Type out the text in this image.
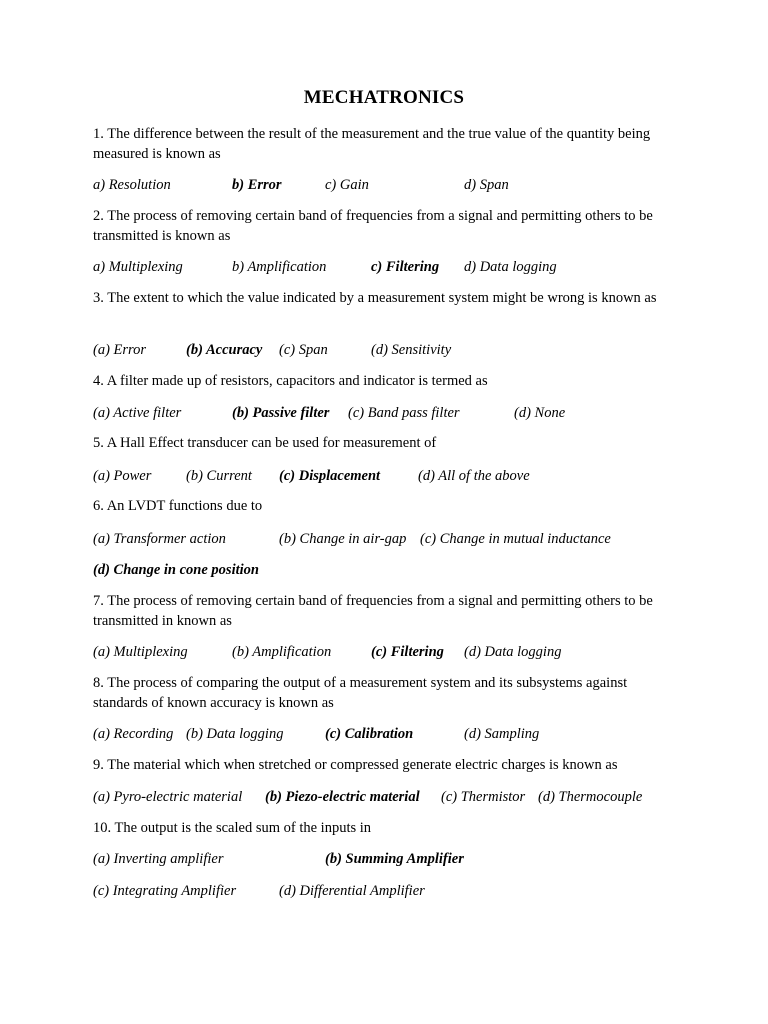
MECHATRONICS
1. The difference between the result of the measurement and the true value of the quantity being measured is known as
a) Resolution	b) Error	c) Gain	d) Span
2. The process of removing certain band of frequencies from a signal and permitting others to be transmitted is known as
a) Multiplexing	b) Amplification	c) Filtering d) Data logging
3. The extent to which the value indicated by a measurement system might be wrong is known as
(a) Error	(b) Accuracy (c) Span	(d) Sensitivity
4. A filter made up of resistors, capacitors and indicator is termed as
(a) Active filter	(b) Passive filter (c) Band pass filter	(d) None
5. A Hall Effect transducer can be used for measurement of
(a) Power (b) Current (c) Displacement	(d) All of the above
6. An LVDT functions due to
(a) Transformer action	(b) Change in air-gap (c) Change in mutual inductance
(d) Change in cone position
7. The process of removing certain band of frequencies from a signal and permitting others to be transmitted in known as
(a) Multiplexing	(b) Amplification	(c) Filtering (d) Data logging
8. The process of comparing the output of a measurement system and its subsystems against standards of known accuracy is known as
(a) Recording (b) Data logging	(c) Calibration	(d) Sampling
9. The material which when stretched or compressed generate electric charges is known as
(a) Pyro-electric material (b) Piezo-electric material (c) Thermistor (d) Thermocouple
10. The output is the scaled sum of the inputs in
(a) Inverting amplifier	(b) Summing Amplifier
(c) Integrating Amplifier	(d) Differential Amplifier
